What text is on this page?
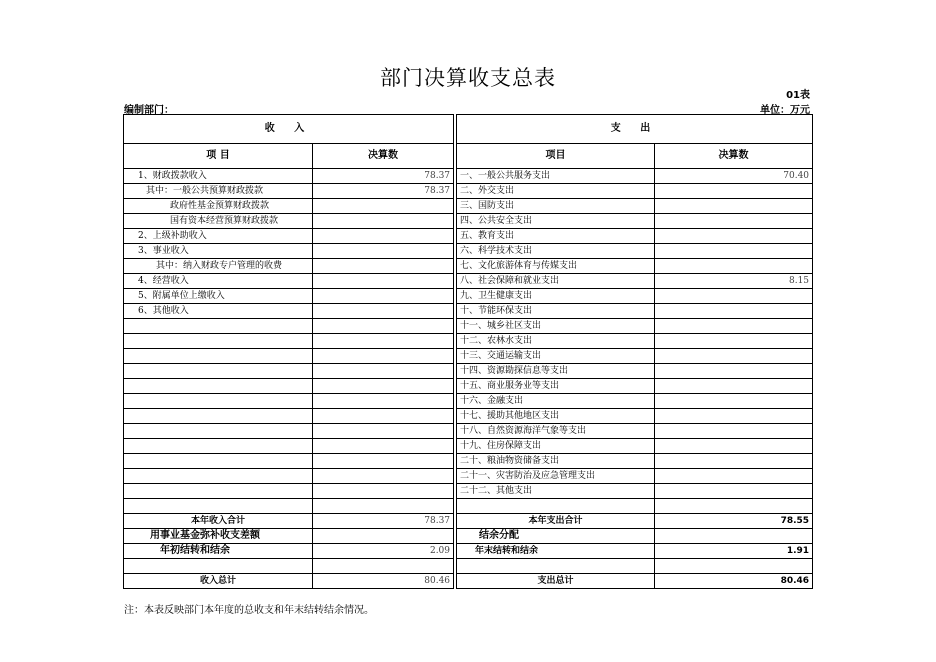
部门决算收支总表
01表
编制部门：	单位：万元
收 入			支 出	
项 目	决算数		项目	决算数
1、财政拨款收入	78.37		一、一般公共服务支出	70.40
其中：一般公共预算财政拨款	78.37		二、外交支出	
政府性基金预算财政拨款			三、国防支出	
国有资本经营预算财政拨款			四、公共安全支出	
2、上级补助收入			五、教育支出	
3、事业收入			六、科学技术支出	
其中：纳入财政专户管理的收费			七、文化旅游体育与传媒支出	
4、经营收入			八、社会保障和就业支出	8.15
5、附属单位上缴收入			九、卫生健康支出	
6、其他收入			十、节能环保支出	
			十一、城乡社区支出	
			十二、农林水支出	
			十三、交通运输支出	
			十四、资源勘探信息等支出	
			十五、商业服务业等支出	
			十六、金融支出	
			十七、援助其他地区支出	
			十八、自然资源海洋气象等支出	
			十九、住房保障支出	
			二十、粮油物资储备支出	
			二十一、灾害防治及应急管理支出	
			二十二、其他支出	

本年收入合计	78.37		本年支出合计	78.55
用事业基金弥补收支差额			结余分配	
年初结转和结余	2.09		年末结转和结余	1.91

收入总计	80.46		支出总计	80.46
注：本表反映部门本年度的总收支和年末结转结余情况。
